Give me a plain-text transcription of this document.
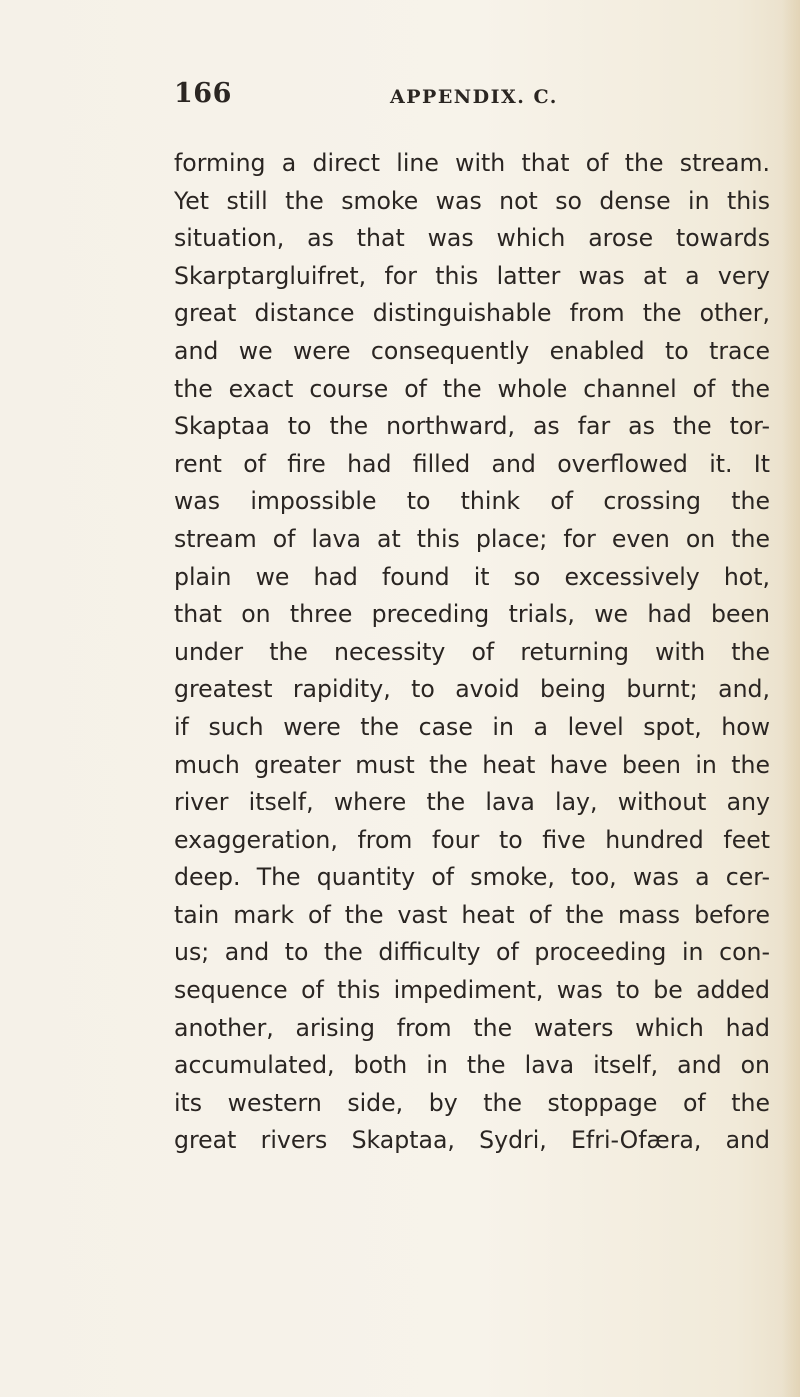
166	APPENDIX. C.
forming a direct line with that of the stream.
Yet still the smoke was not so dense in this
situation, as that was which arose towards
Skarptargluifret, for this latter was at a very
great distance distinguishable from the other,
and we were consequently enabled to trace
the exact course of the whole channel of the
Skaptaa to the northward, as far as the tor-
rent of fire had filled and overflowed it. It
was impossible to think of crossing the
stream of lava at this place; for even on the
plain we had found it so excessively hot,
that on three preceding trials, we had been
under the necessity of returning with the
greatest rapidity, to avoid being burnt; and,
if such were the case in a level spot, how
much greater must the heat have been in the
river itself, where the lava lay, without any
exaggeration, from four to five hundred feet
deep. The quantity of smoke, too, was a cer-
tain mark of the vast heat of the mass before
us; and to the difficulty of proceeding in con-
sequence of this impediment, was to be added
another, arising from the waters which had
accumulated, both in the lava itself, and on
its western side, by the stoppage of the
great rivers Skaptaa, Sydri, Efri-Ofæra, and
